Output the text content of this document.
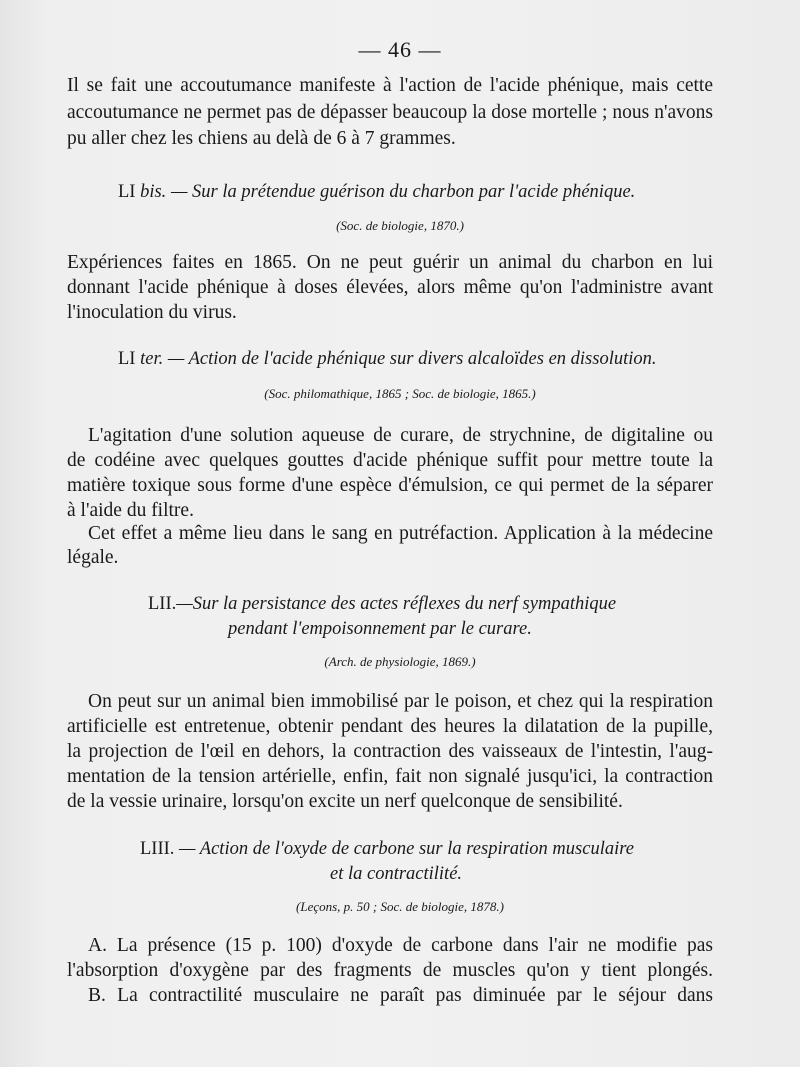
— 46 —
Il se fait une accoutumance manifeste à l'action de l'acide phénique, mais cette
accoutumance ne permet pas de dépasser beaucoup la dose mortelle ; nous n'avons
pu aller chez les chiens au delà de 6 à 7 grammes.
LI bis. — Sur la prétendue guérison du charbon par l'acide phénique.
(Soc. de biologie, 1870.)
Expériences faites en 1865. On ne peut guérir un animal du charbon en lui
donnant l'acide phénique à doses élevées, alors même qu'on l'administre avant
l'inoculation du virus.
LI ter. — Action de l'acide phénique sur divers alcaloïdes en dissolution.
(Soc. philomathique, 1865 ; Soc. de biologie, 1865.)
L'agitation d'une solution aqueuse de curare, de strychnine, de digitaline ou
de codéine avec quelques gouttes d'acide phénique suffit pour mettre toute la
matière toxique sous forme d'une espèce d'émulsion, ce qui permet de la séparer
à l'aide du filtre.
Cet effet a même lieu dans le sang en putréfaction. Application à la médecine
légale.
LII.—Sur la persistance des actes réflexes du nerf sympathique
pendant l'empoisonnement par le curare.
(Arch. de physiologie, 1869.)
On peut sur un animal bien immobilisé par le poison, et chez qui la respiration
artificielle est entretenue, obtenir pendant des heures la dilatation de la pupille,
la projection de l'œil en dehors, la contraction des vaisseaux de l'intestin, l'aug-
mentation de la tension artérielle, enfin, fait non signalé jusqu'ici, la contraction
de la vessie urinaire, lorsqu'on excite un nerf quelconque de sensibilité.
LIII. — Action de l'oxyde de carbone sur la respiration musculaire
et la contractilité.
(Leçons, p. 50 ; Soc. de biologie, 1878.)
A. La présence (15 p. 100) d'oxyde de carbone dans l'air ne modifie pas
l'absorption d'oxygène par des fragments de muscles qu'on y tient plongés.
B. La contractilité musculaire ne paraît pas diminuée par le séjour dans
